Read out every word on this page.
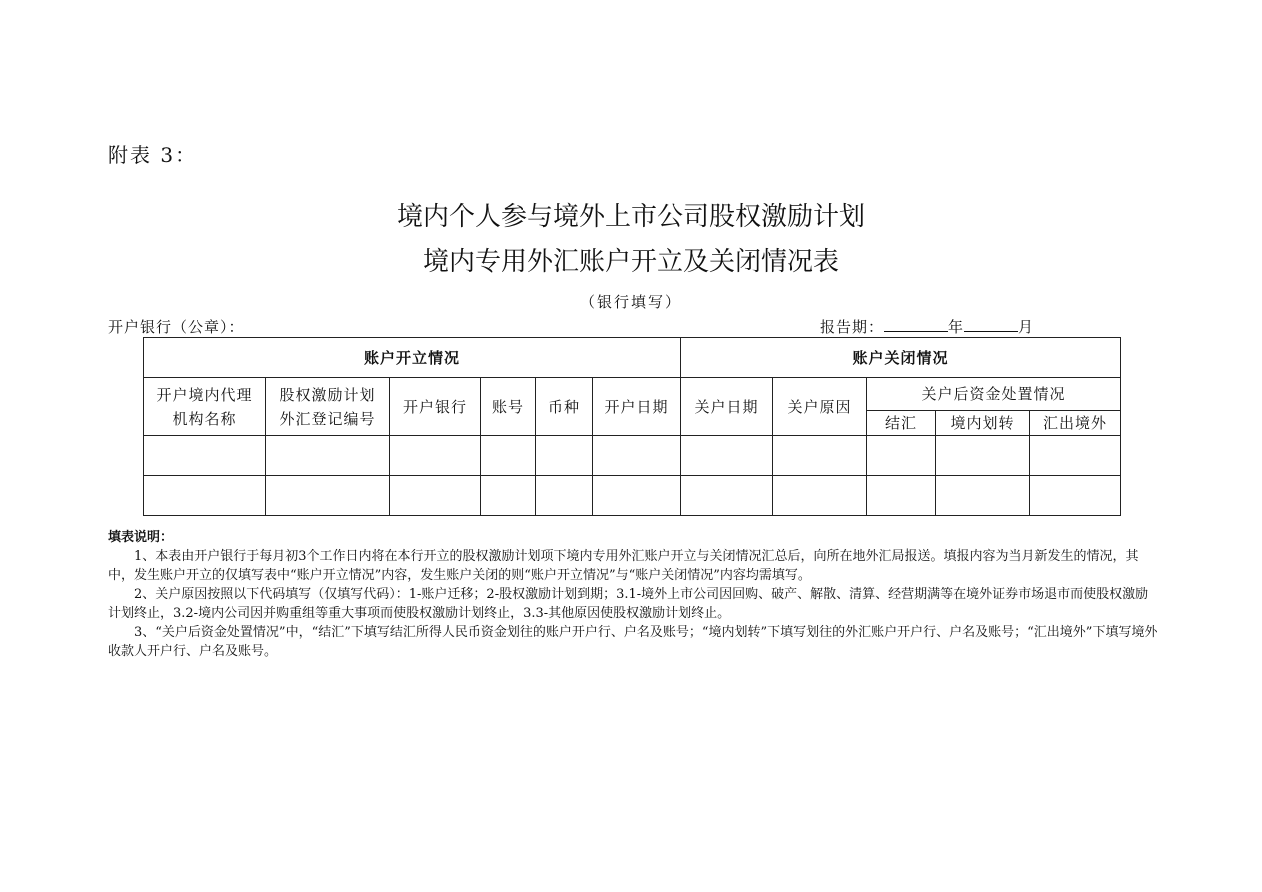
附表 3：
境内个人参与境外上市公司股权激励计划
境内专用外汇账户开立及关闭情况表
（银行填写）
开户银行（公章）：	报告期：	年	月
账户开立情况						账户关闭情况				
开户境内代理机构名称	股权激励计划外汇登记编号	开户银行	账号	币种	开户日期	关户日期	关户原因	关户后资金处置情况		
								结汇	境内划转	汇出境外

填表说明：

1、本表由开户银行于每月初3个工作日内将在本行开立的股权激励计划项下境内专用外汇账户开立与关闭情况汇总后，向所在地外汇局报送。填报内容为当月新发生的情况，其中，发生账户开立的仅填写表中“账户开立情况”内容，发生账户关闭的则“账户开立情况”与“账户关闭情况”内容均需填写。

2、关户原因按照以下代码填写（仅填写代码）：1-账户迁移；2-股权激励计划到期；3.1-境外上市公司因回购、破产、解散、清算、经营期满等在境外证券市场退市而使股权激励计划终止，3.2-境内公司因并购重组等重大事项而使股权激励计划终止，3.3-其他原因使股权激励计划终止。

3、“关户后资金处置情况”中，“结汇”下填写结汇所得人民币资金划往的账户开户行、户名及账号；“境内划转”下填写划往的外汇账户开户行、户名及账号；“汇出境外”下填写境外收款人开户行、户名及账号。
